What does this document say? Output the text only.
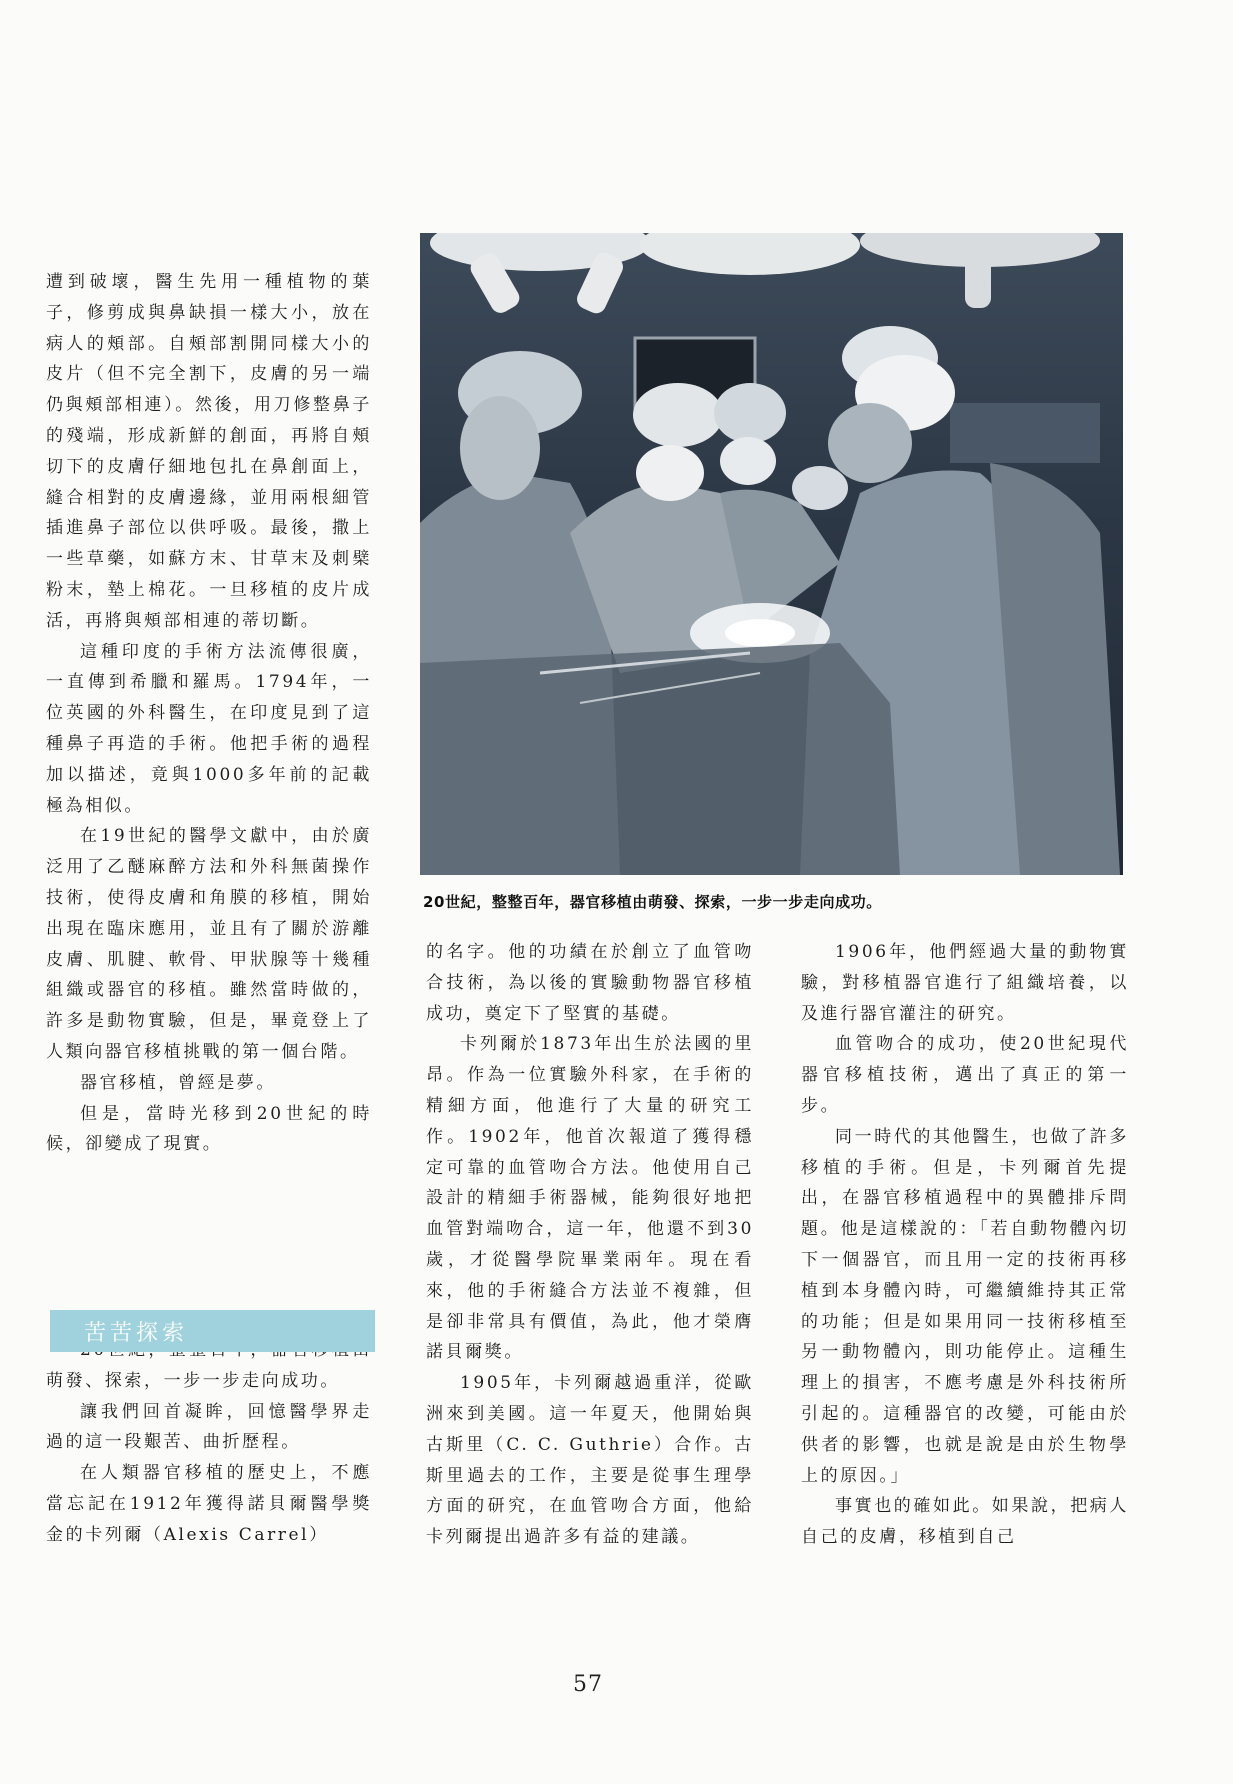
遭到破壞，醫生先用一種植物的葉子，修剪成與鼻缺損一樣大小，放在病人的頰部。自頰部割開同樣大小的皮片（但不完全割下，皮膚的另一端仍與頰部相連）。然後，用刀修整鼻子的殘端，形成新鮮的創面，再將自頰切下的皮膚仔細地包扎在鼻創面上，縫合相對的皮膚邊緣，並用兩根細管插進鼻子部位以供呼吸。最後，撒上一些草藥，如蘇方末、甘草末及刺檗粉末，墊上棉花。一旦移植的皮片成活，再將與頰部相連的蒂切斷。

這種印度的手術方法流傳很廣，一直傳到希臘和羅馬。1794年，一位英國的外科醫生，在印度見到了這種鼻子再造的手術。他把手術的過程加以描述，竟與1000多年前的記載極為相似。

在19世紀的醫學文獻中，由於廣泛用了乙醚麻醉方法和外科無菌操作技術，使得皮膚和角膜的移植，開始出現在臨床應用，並且有了關於游離皮膚、肌腱、軟骨、甲狀腺等十幾種組織或器官的移植。雖然當時做的，許多是動物實驗，但是，畢竟登上了人類向器官移植挑戰的第一個台階。

器官移植，曾經是夢。

但是，當時光移到20世紀的時候，卻變成了現實。

萌發、探索，一步一步走向成功。

讓我們回首凝眸，回憶醫學界走過的這一段艱苦、曲折歷程。

在人類器官移植的歷史上，不應當忘記在1912年獲得諾貝爾醫學獎金的卡列爾（Alexis Carrel）

苦苦探索
20世紀，整整百年，器官移植由萌發、探索，一步一步走向成功。

的名字。他的功績在於創立了血管吻合技術，為以後的實驗動物器官移植成功，奠定下了堅實的基礎。

卡列爾於1873年出生於法國的里昂。作為一位實驗外科家，在手術的精細方面，他進行了大量的研究工作。1902年，他首次報道了獲得穩定可靠的血管吻合方法。他使用自己設計的精細手術器械，能夠很好地把血管對端吻合，這一年，他還不到30歲，才從醫學院畢業兩年。現在看來，他的手術縫合方法並不複雜，但是卻非常具有價值，為此，他才榮膺諾貝爾獎。

1905年，卡列爾越過重洋，從歐洲來到美國。這一年夏天，他開始與古斯里（C. C. Guthrie）合作。古斯里過去的工作，主要是從事生理學方面的研究，在血管吻合方面，他給卡列爾提出過許多有益的建議。

1906年，他們經過大量的動物實驗，對移植器官進行了組織培養，以及進行器官灌注的研究。

血管吻合的成功，使20世紀現代器官移植技術，邁出了真正的第一步。

同一時代的其他醫生，也做了許多移植的手術。但是，卡列爾首先提出，在器官移植過程中的異體排斥問題。他是這樣說的：「若自動物體內切下一個器官，而且用一定的技術再移植到本身體內時，可繼續維持其正常的功能；但是如果用同一技術移植至另一動物體內，則功能停止。這種生理上的損害，不應考慮是外科技術所引起的。這種器官的改變，可能由於供者的影響，也就是說是由於生物學上的原因。」

事實也的確如此。如果說，把病人自己的皮膚，移植到自己

57
